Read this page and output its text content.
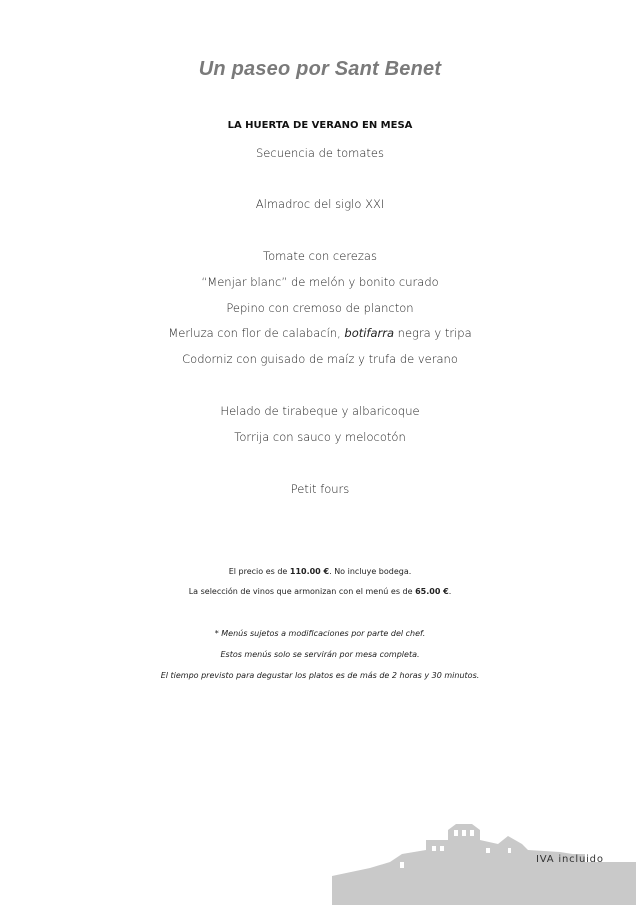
Un paseo por Sant Benet
LA HUERTA DE VERANO EN MESA
Secuencia de tomates
Almadroc del siglo XXI
Tomate con cerezas
“Menjar blanc” de melón y bonito curado
Pepino con cremoso de plancton
Merluza con flor de calabacín, botifarra negra y tripa
Codorniz con guisado de maíz y trufa de verano
Helado de tirabeque y albaricoque
Torrija con sauco y melocotón
Petit fours
El precio es de 110.00 €. No incluye bodega.
La selección de vinos que armonizan con el menú es de 65.00 €.
* Menús sujetos a modificaciones por parte del chef.
Estos menús solo se servirán por mesa completa.
El tiempo previsto para degustar los platos es de más de 2 horas y 30 minutos.
IVA incluido
